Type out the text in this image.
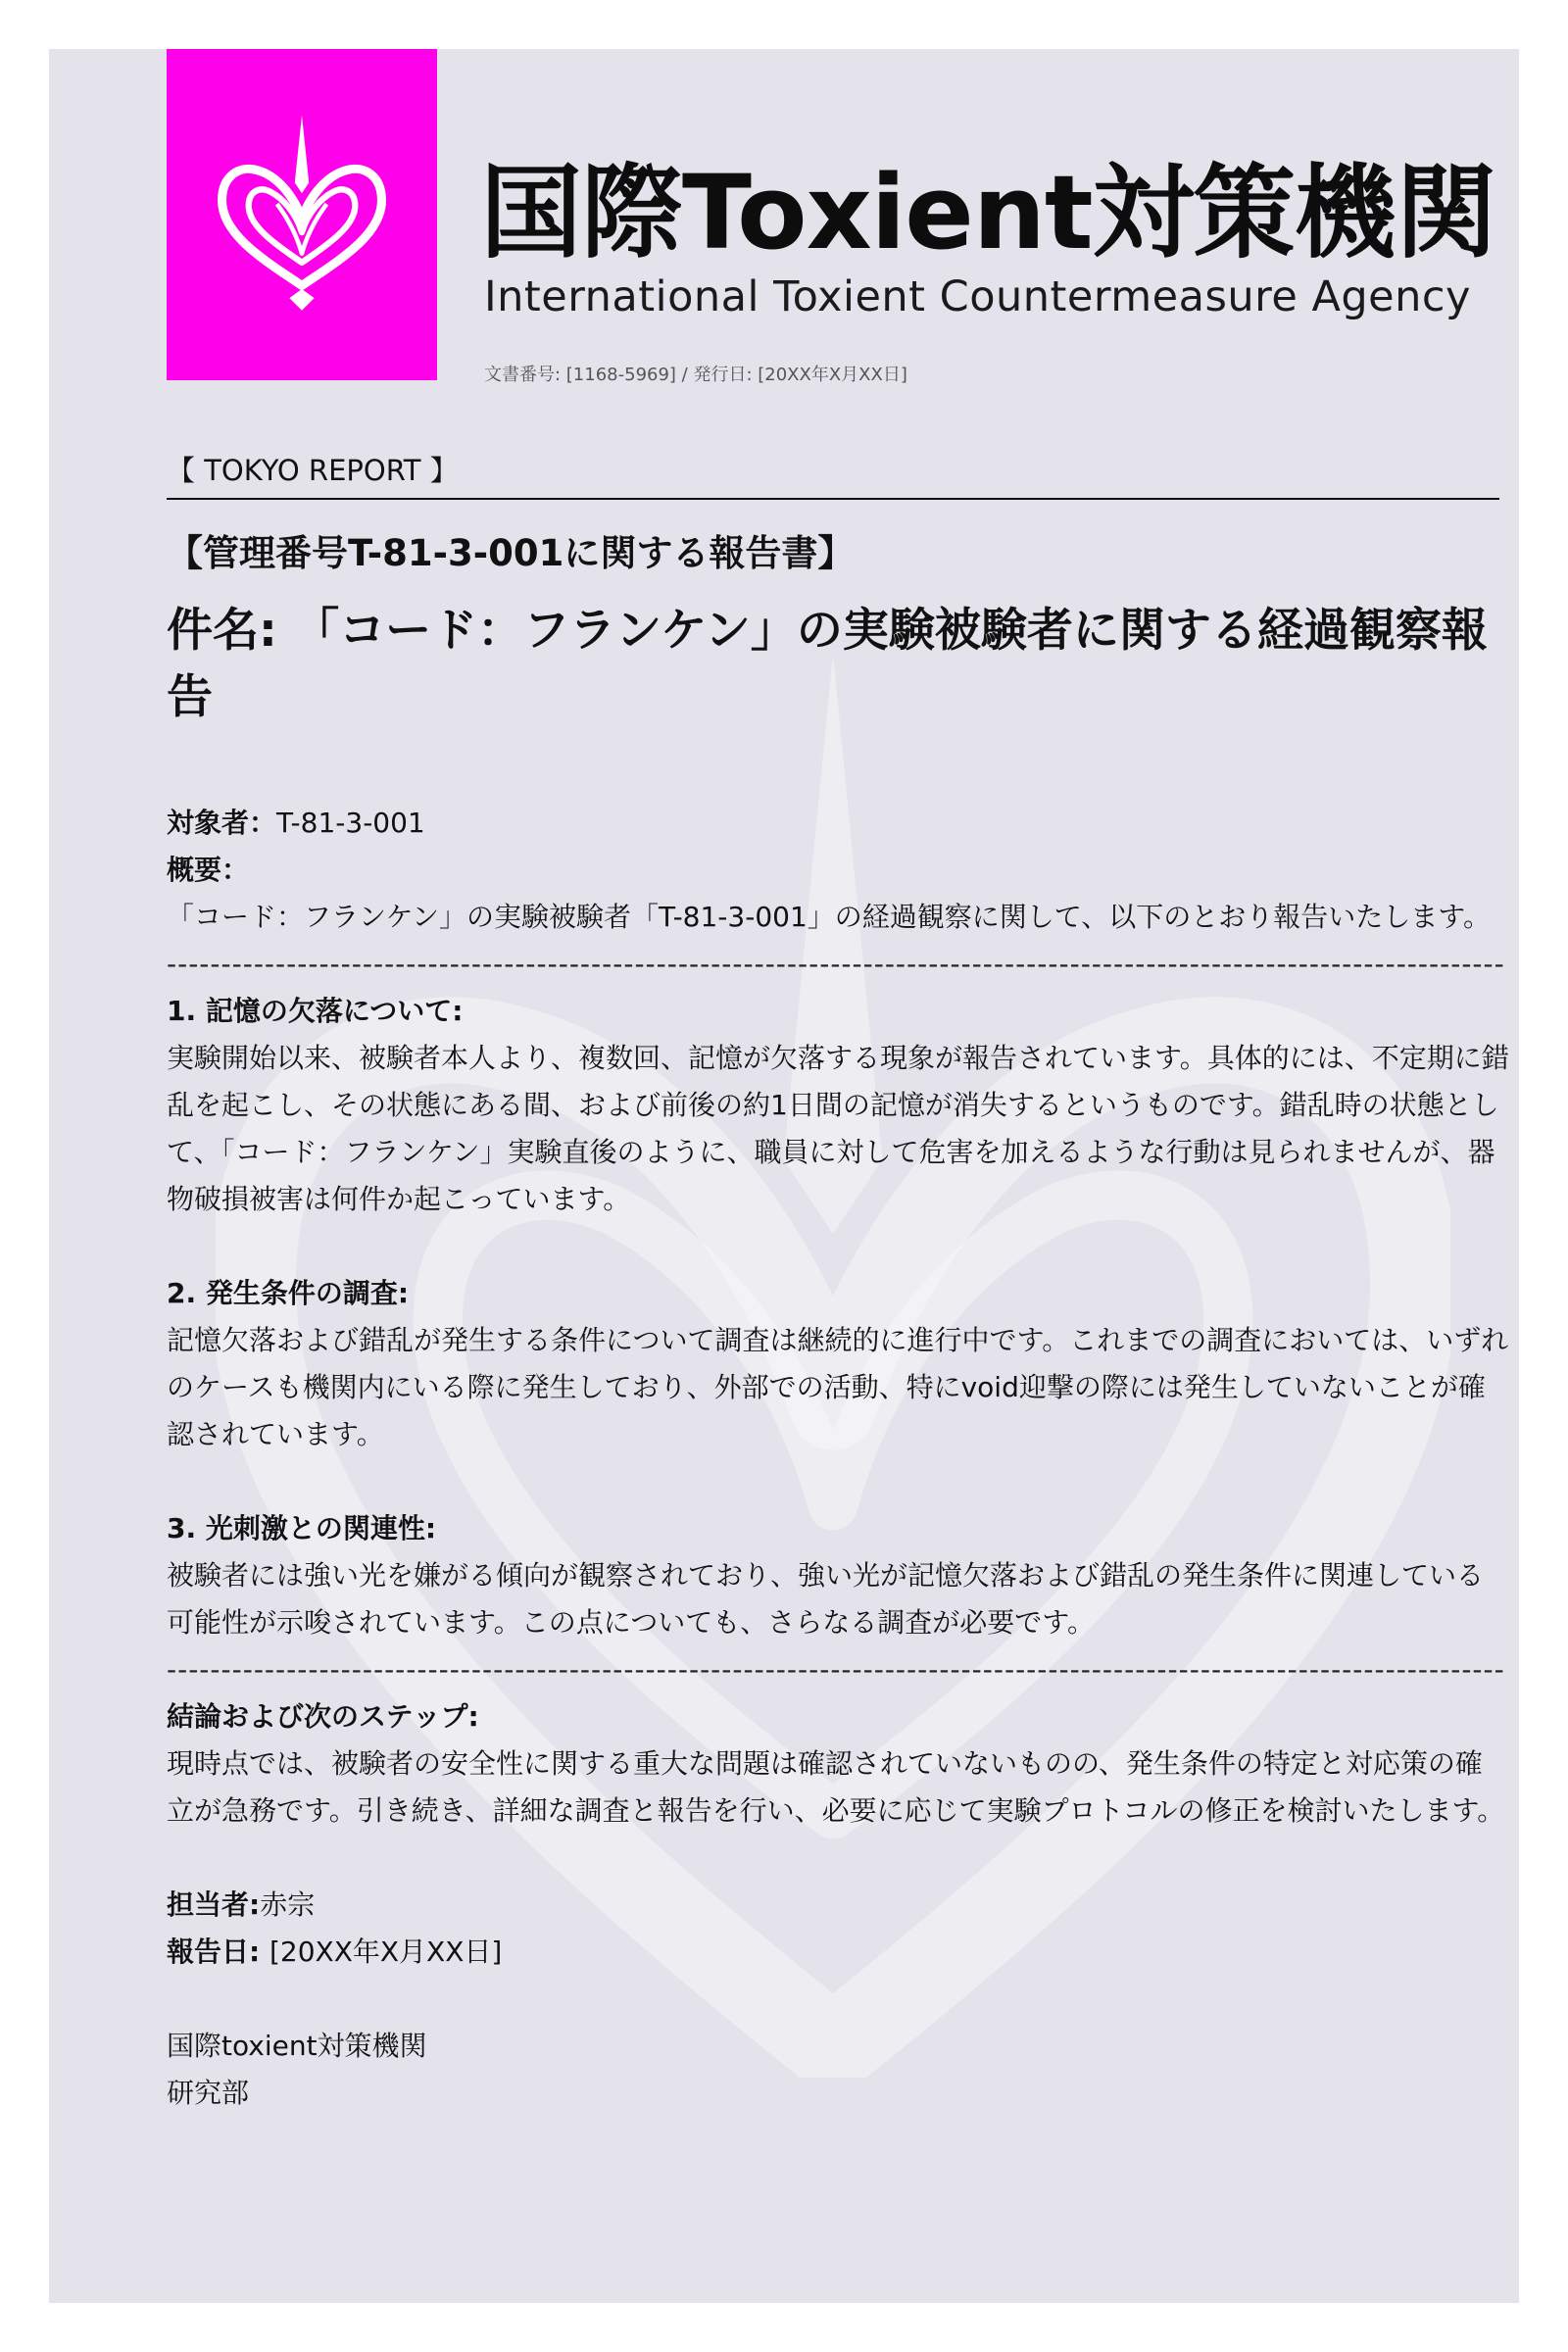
国際Toxient対策機関

International Toxient Countermeasure Agency

文書番号: [1168-5969] / 発行日: [20XX年X月XX日]

【 TOKYO REPORT 】

【管理番号T-81-3-001に関する報告書】
件名: 「コード：フランケン」の実験被験者に関する経過観察報告

対象者：T-81-3-001

概要：

「コード：フランケン」の実験被験者「T-81-3-001」の経過観察に関して、以下のとおり報告いたします。

---------------------------------------------------------------------------------------------------------------------------

1. 記憶の欠落について:

実験開始以来、被験者本人より、複数回、記憶が欠落する現象が報告されています。具体的には、不定期に錯乱を起こし、その状態にある間、および前後の約1日間の記憶が消失するというものです。錯乱時の状態として、「コード：フランケン」実験直後のように、職員に対して危害を加えるような行動は見られませんが、器物破損被害は何件か起こっています。

2. 発生条件の調査:

記憶欠落および錯乱が発生する条件について調査は継続的に進行中です。これまでの調査においては、いずれのケースも機関内にいる際に発生しており、外部での活動、特にvoid迎撃の際には発生していないことが確認されています。

3. 光刺激との関連性:

被験者には強い光を嫌がる傾向が観察されており、強い光が記憶欠落および錯乱の発生条件に関連している可能性が示唆されています。この点についても、さらなる調査が必要です。

---------------------------------------------------------------------------------------------------------------------------

結論および次のステップ:

現時点では、被験者の安全性に関する重大な問題は確認されていないものの、発生条件の特定と対応策の確立が急務です。引き続き、詳細な調査と報告を行い、必要に応じて実験プロトコルの修正を検討いたします。

担当者:赤宗

報告日: [20XX年X月XX日]

国際toxient対策機関

研究部
